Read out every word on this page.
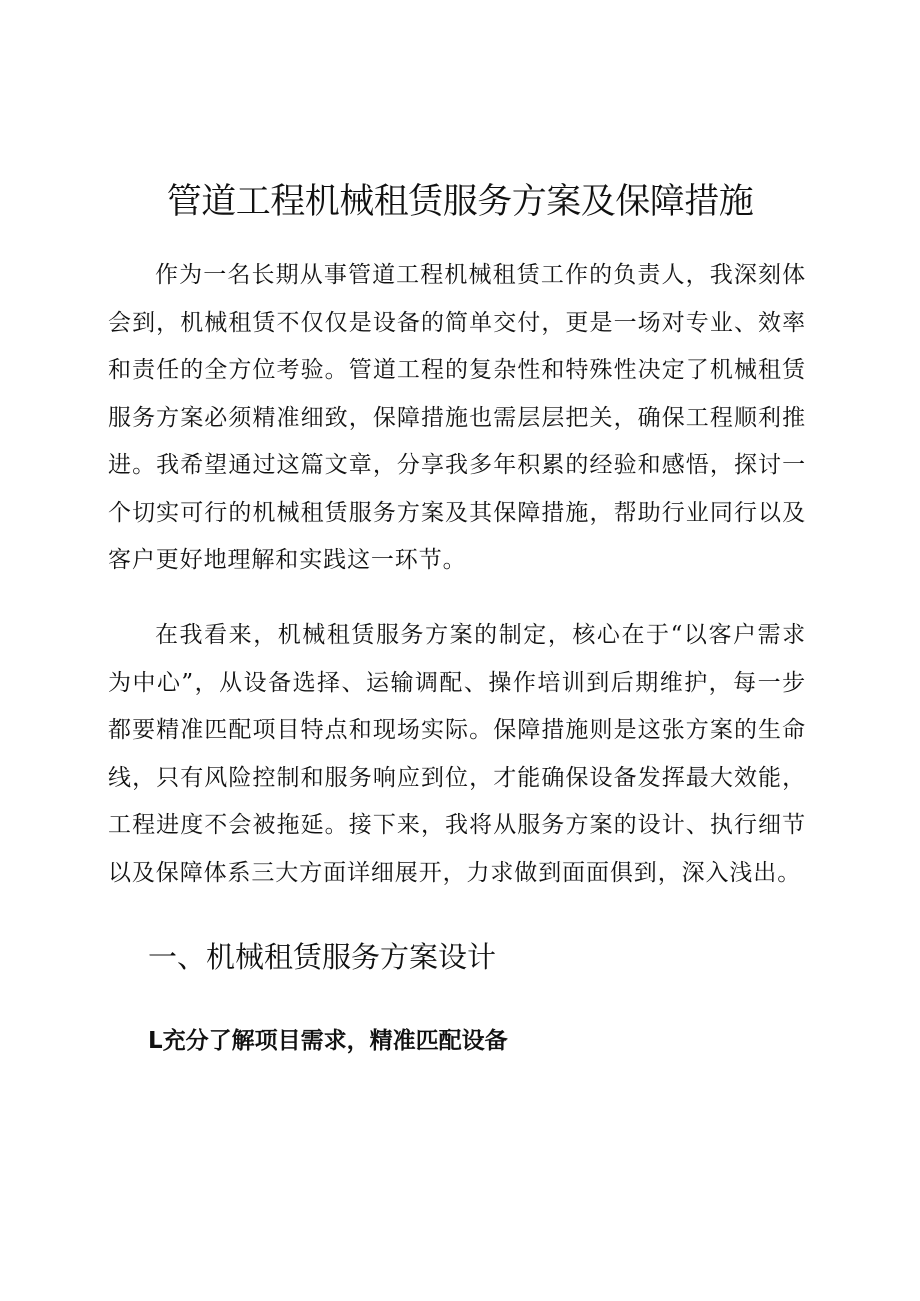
管道工程机械租赁服务方案及保障措施

作为一名长期从事管道工程机械租赁工作的负责人，我深刻体会到，机械租赁不仅仅是设备的简单交付，更是一场对专业、效率和责任的全方位考验。管道工程的复杂性和特殊性决定了机械租赁服务方案必须精准细致，保障措施也需层层把关，确保工程顺利推进。我希望通过这篇文章，分享我多年积累的经验和感悟，探讨一个切实可行的机械租赁服务方案及其保障措施，帮助行业同行以及客户更好地理解和实践这一环节。

在我看来，机械租赁服务方案的制定，核心在于“以客户需求为中心”，从设备选择、运输调配、操作培训到后期维护，每一步都要精准匹配项目特点和现场实际。保障措施则是这张方案的生命线，只有风险控制和服务响应到位，才能确保设备发挥最大效能，工程进度不会被拖延。接下来，我将从服务方案的设计、执行细节以及保障体系三大方面详细展开，力求做到面面俱到，深入浅出。

一、机械租赁服务方案设计
L充分了解项目需求，精准匹配设备
